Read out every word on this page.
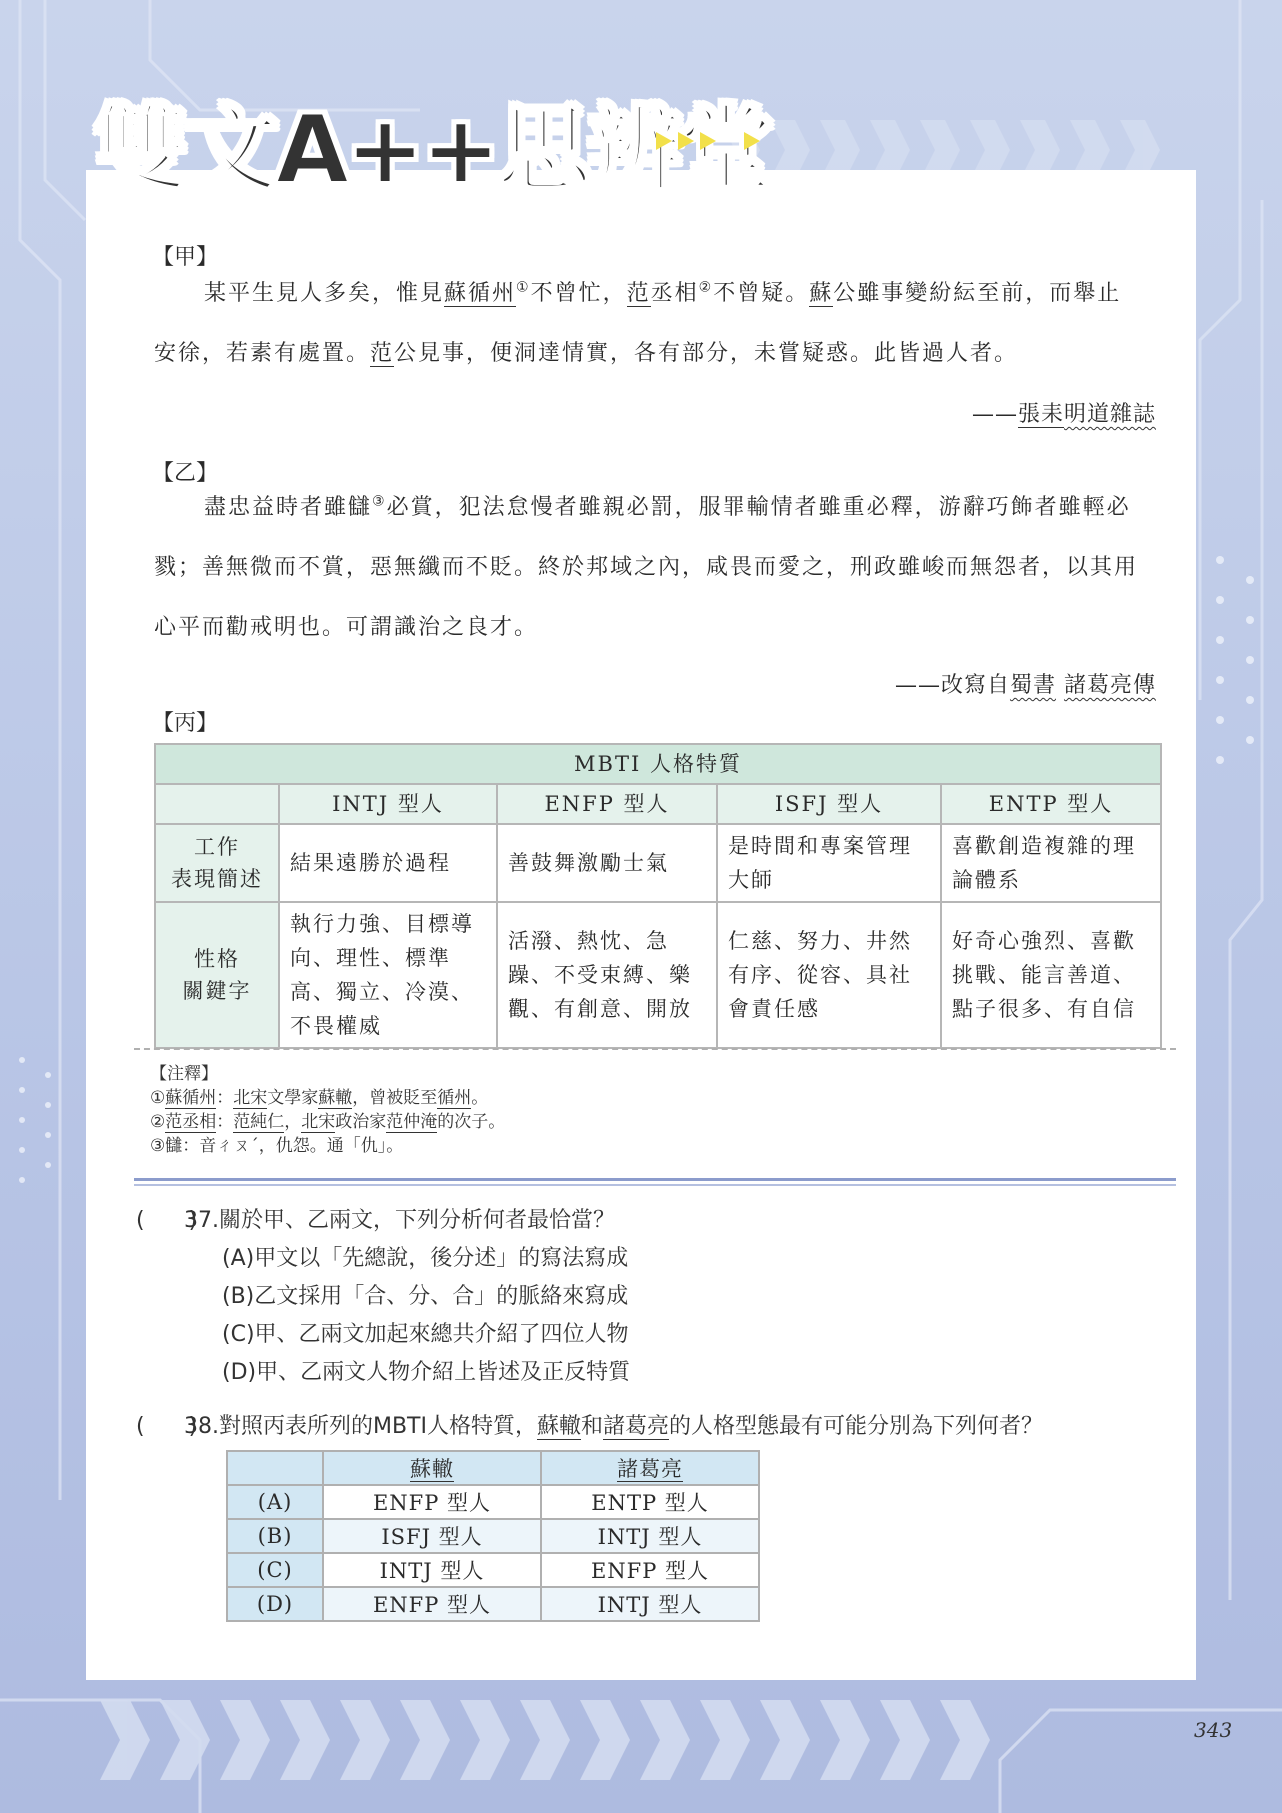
雙文A++思辨堂
【甲】

某平生見人多矣，惟見蘇循州①不曾忙，范丞相②不曾疑。蘇公雖事變紛紜至前，而舉止

安徐，若素有處置。范公見事，便洞達情實，各有部分，未嘗疑惑。此皆過人者。

——張耒明道雜誌
【乙】

盡忠益時者雖讎③必賞，犯法怠慢者雖親必罰，服罪輸情者雖重必釋，游辭巧飾者雖輕必

戮；善無微而不賞，惡無纖而不貶。終於邦域之內，咸畏而愛之，刑政雖峻而無怨者，以其用

心平而勸戒明也。可謂識治之良才。

——改寫自蜀書 諸葛亮傳
【丙】
MBTI 人格特質				
	INTJ 型人	ENFP 型人	ISFJ 型人	ENTP 型人
工作
表現簡述	結果遠勝於過程	善鼓舞激勵士氣	是時間和專案管理大師	喜歡創造複雜的理論體系
性格
關鍵字	執行力強、目標導向、理性、標準高、獨立、冷漠、不畏權威	活潑、熱忱、急躁、不受束縛、樂觀、有創意、開放	仁慈、努力、井然有序、從容、具社會責任感	好奇心強烈、喜歡挑戰、能言善道、點子很多、有自信
【注釋】
①蘇循州：北宋文學家蘇轍，曾被貶至循州。
②范丞相：范純仁，北宋政治家范仲淹的次子。
③讎：音ㄔㄡˊ，仇怨。通「仇」。
(　　)37.關於甲、乙兩文，下列分析何者最恰當？
(A)甲文以「先總說，後分述」的寫法寫成
(B)乙文採用「合、分、合」的脈絡來寫成
(C)甲、乙兩文加起來總共介紹了四位人物
(D)甲、乙兩文人物介紹上皆述及正反特質
(　　)38.對照丙表所列的MBTI人格特質，蘇轍和諸葛亮的人格型態最有可能分別為下列何者？
	蘇轍	諸葛亮
(A)	ENFP 型人	ENTP 型人
(B)	ISFJ 型人	INTJ 型人
(C)	INTJ 型人	ENFP 型人
(D)	ENFP 型人	INTJ 型人
343
